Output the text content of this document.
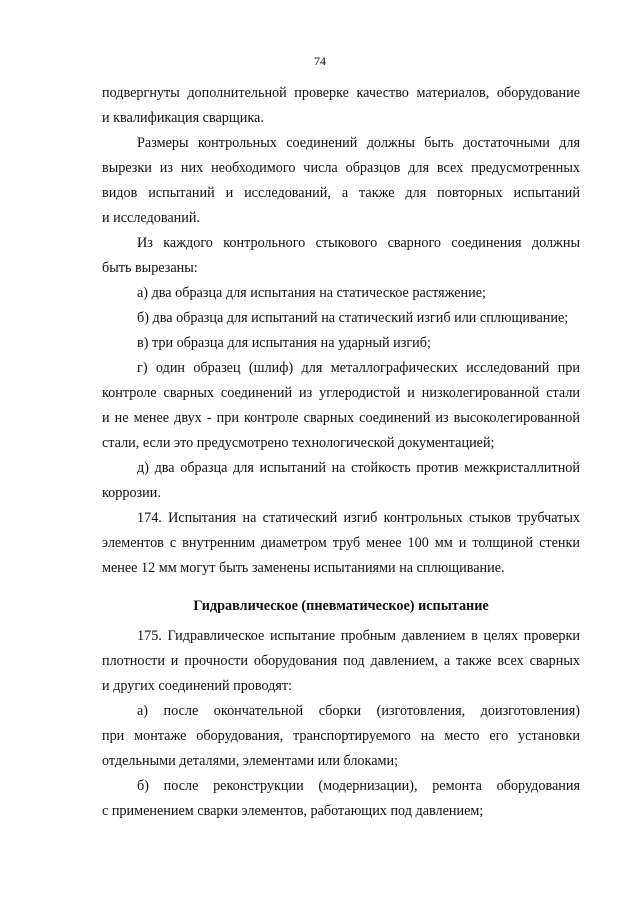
74
подвергнуты дополнительной проверке качество материалов, оборудование
и квалификация сварщика.
Размеры контрольных соединений должны быть достаточными для
вырезки из них необходимого числа образцов для всех предусмотренных
видов испытаний и исследований, а также для повторных испытаний
и исследований.
Из каждого контрольного стыкового сварного соединения должны
быть вырезаны:
а) два образца для испытания на статическое растяжение;
б) два образца для испытаний на статический изгиб или сплющивание;
в) три образца для испытания на ударный изгиб;
г) один образец (шлиф) для металлографических исследований при
контроле сварных соединений из углеродистой и низколегированной стали
и не менее двух - при контроле сварных соединений из высоколегированной
стали, если это предусмотрено технологической документацией;
д) два образца для испытаний на стойкость против межкристаллитной
коррозии.
174. Испытания на статический изгиб контрольных стыков трубчатых
элементов с внутренним диаметром труб менее 100 мм и толщиной стенки
менее 12 мм могут быть заменены испытаниями на сплющивание.
Гидравлическое (пневматическое) испытание
175. Гидравлическое испытание пробным давлением в целях проверки
плотности и прочности оборудования под давлением, а также всех сварных
и других соединений проводят:
а) после окончательной сборки (изготовления, доизготовления)
при монтаже оборудования, транспортируемого на место его установки
отдельными деталями, элементами или блоками;
б) после реконструкции (модернизации), ремонта оборудования
с применением сварки элементов, работающих под давлением;
